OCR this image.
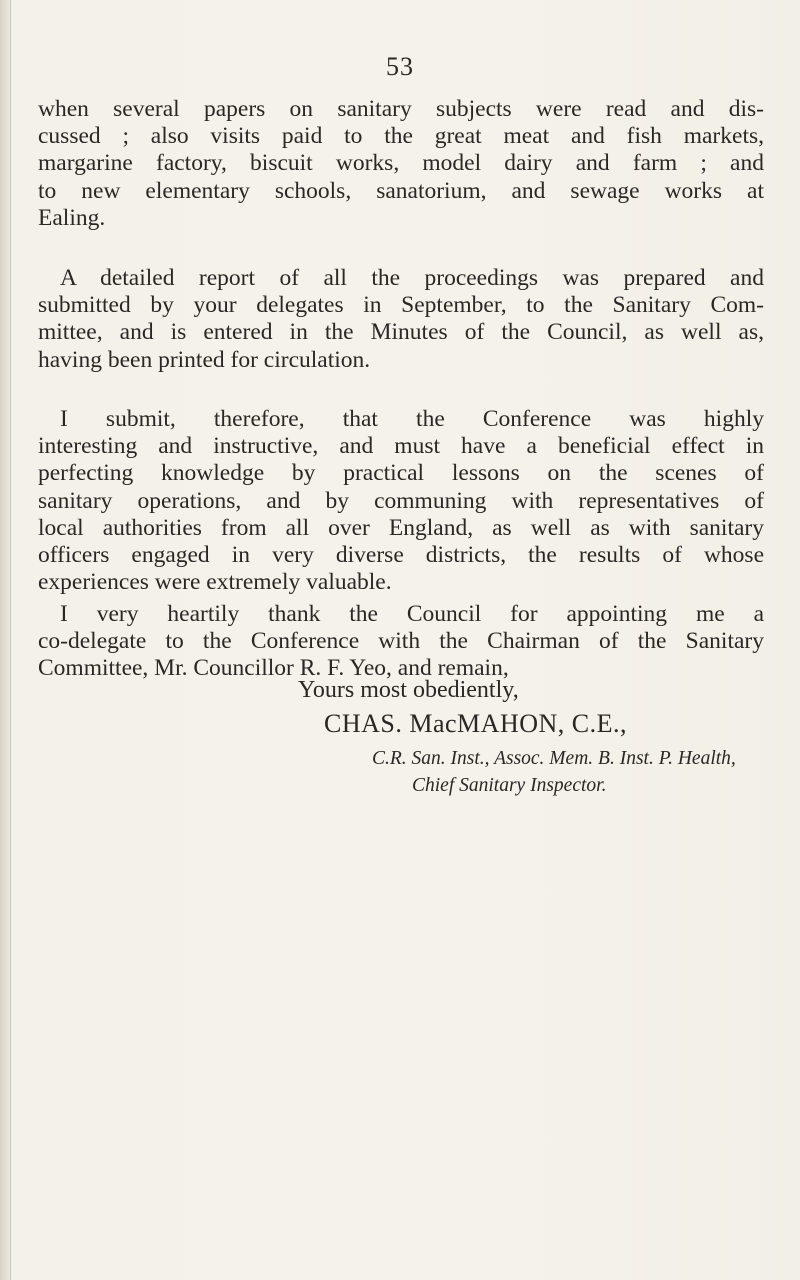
53
when several papers on sanitary subjects were read and dis-
cussed ; also visits paid to the great meat and fish markets,
margarine factory, biscuit works, model dairy and farm ; and
to new elementary schools, sanatorium, and sewage works at
Ealing.
A detailed report of all the proceedings was prepared and
submitted by your delegates in September, to the Sanitary Com-
mittee, and is entered in the Minutes of the Council, as well as,
having been printed for circulation.
I submit, therefore, that the Conference was highly
interesting and instructive, and must have a beneficial effect in
perfecting knowledge by practical lessons on the scenes of
sanitary operations, and by communing with representatives of
local authorities from all over England, as well as with sanitary
officers engaged in very diverse districts, the results of whose
experiences were extremely valuable.
I very heartily thank the Council for appointing me a
co-delegate to the Conference with the Chairman of the Sanitary
Committee, Mr. Councillor R. F. Yeo, and remain,
Yours most obediently,
CHAS. MacMAHON, C.E.,
C.R. San. Inst., Assoc. Mem. B. Inst. P. Health,
Chief Sanitary Inspector.
